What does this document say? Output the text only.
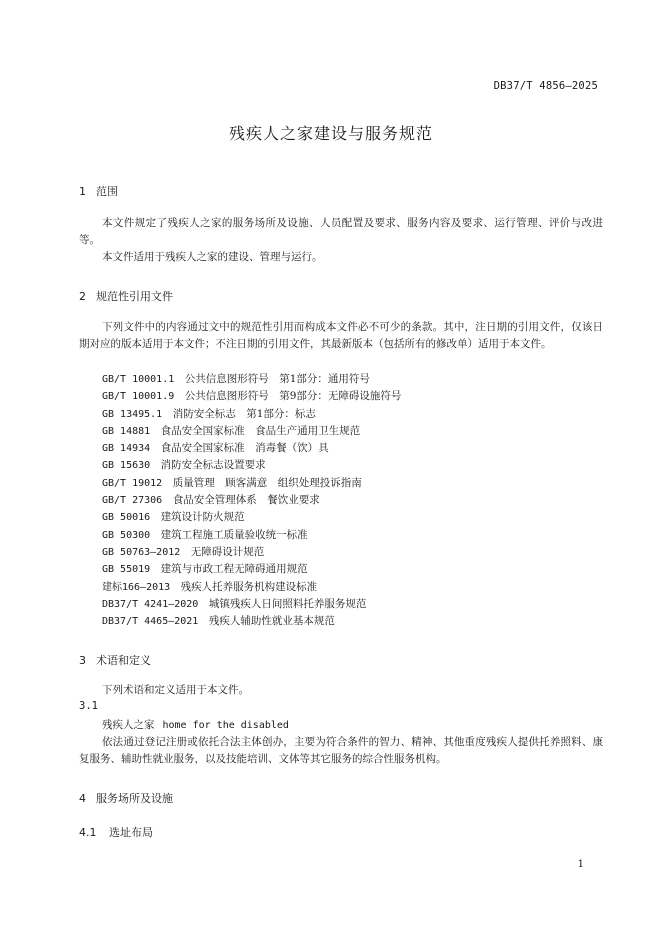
DB37/T 4856—2025
残疾人之家建设与服务规范
1 范围
本文件规定了残疾人之家的服务场所及设施、人员配置及要求、服务内容及要求、运行管理、评价与改进等。
本文件适用于残疾人之家的建设、管理与运行。
2 规范性引用文件
下列文件中的内容通过文中的规范性引用而构成本文件必不可少的条款。其中，注日期的引用文件，仅该日期对应的版本适用于本文件；不注日期的引用文件，其最新版本（包括所有的修改单）适用于本文件。
GB/T 10001.1　 公共信息图形符号　第1部分：通用符号
GB/T 10001.9　 公共信息图形符号　第9部分：无障碍设施符号
GB 13495.1　 消防安全标志　第1部分：标志
GB 14881　 食品安全国家标准　食品生产通用卫生规范
GB 14934　 食品安全国家标准　消毒餐（饮）具
GB 15630　 消防安全标志设置要求
GB/T 19012　 质量管理　顾客满意　组织处理投诉指南
GB/T 27306　 食品安全管理体系　餐饮业要求
GB 50016　 建筑设计防火规范
GB 50300　 建筑工程施工质量验收统一标准
GB 50763—2012　 无障碍设计规范
GB 55019　 建筑与市政工程无障碍通用规范
建标166—2013　 残疾人托养服务机构建设标准
DB37/T 4241—2020　 城镇残疾人日间照料托养服务规范
DB37/T 4465—2021　 残疾人辅助性就业基本规范
3 术语和定义
下列术语和定义适用于本文件。
3.1
残疾人之家 home for the disabled
依法通过登记注册或依托合法主体创办，主要为符合条件的智力、精神、其他重度残疾人提供托养照料、康复服务、辅助性就业服务，以及技能培训、文体等其它服务的综合性服务机构。
4 服务场所及设施
4.1 选址布局
1
